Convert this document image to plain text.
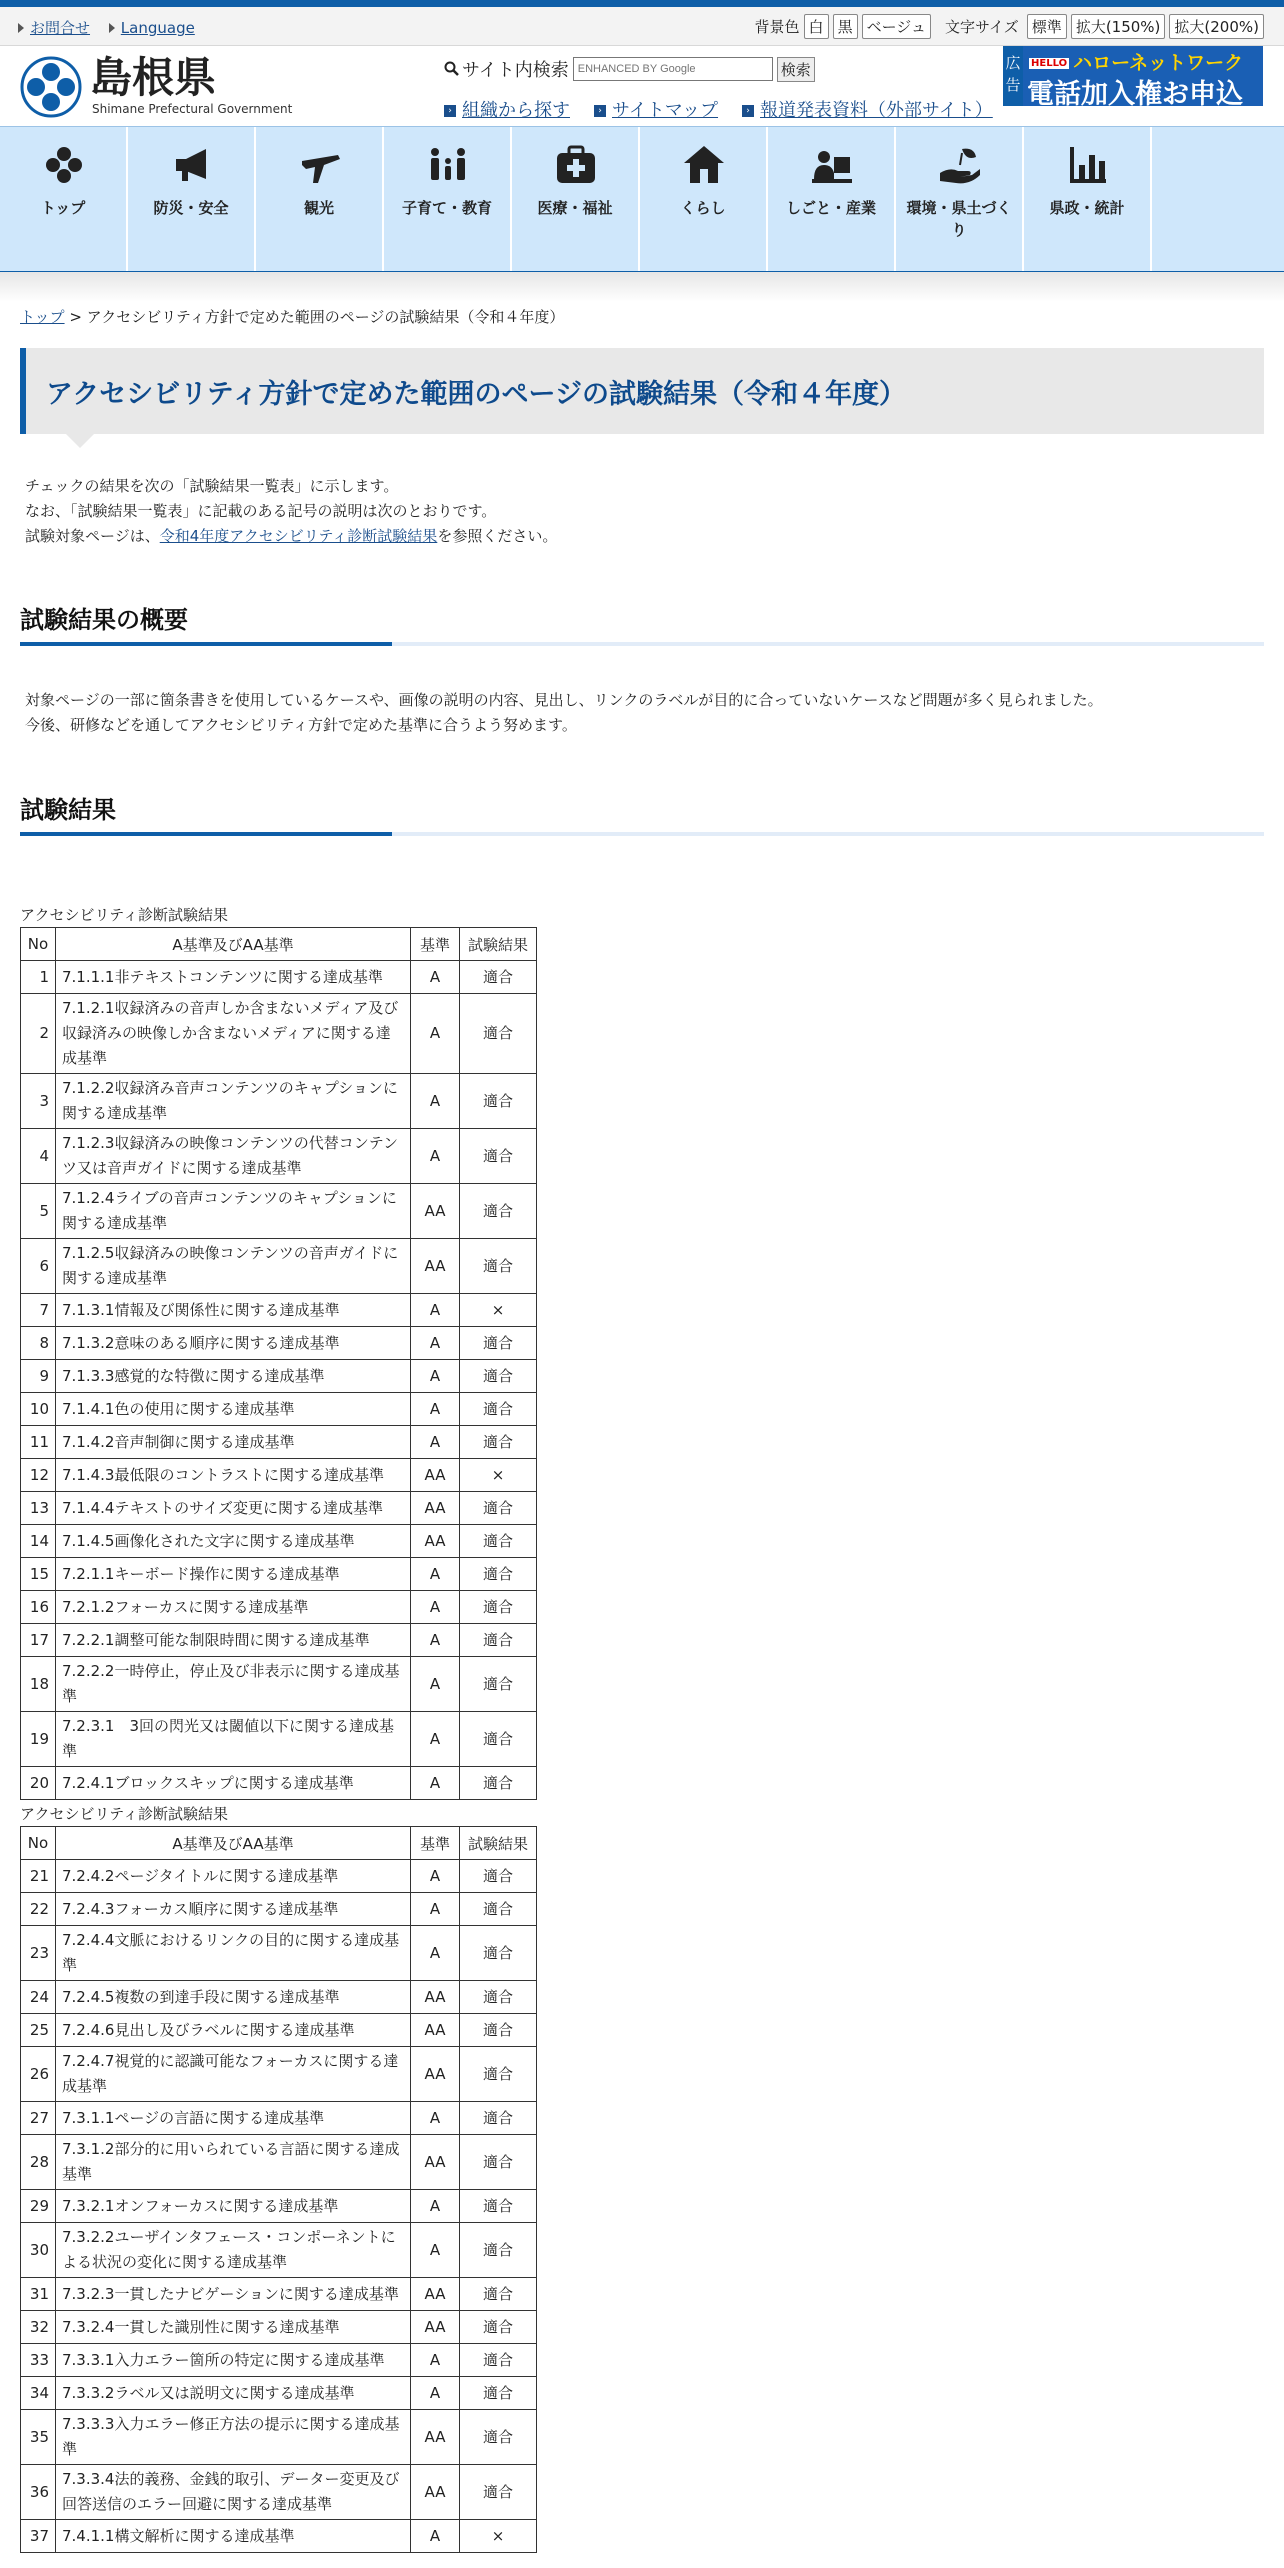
お問合せ Language	背景色 白 黒 ベージュ	文字サイズ 標準 拡大(150%) 拡大(200%)
島根県
Shimane Prefectural Government
サイト内検索
ENHANCED BY Google	検索
› 組織から探す	› サイトマップ	› 報道発表資料（外部サイト）
広告
HELLO ハローネットワーク
電話加入権お申込
トップ	防災・安全	観光	子育て・教育	医療・福祉	くらし	しごと・産業	環境・県土づくり
県政・統計
トップ > アクセシビリティ方針で定めた範囲のページの試験結果（令和４年度）
アクセシビリティ方針で定めた範囲のページの試験結果（令和４年度）
チェックの結果を次の「試験結果一覧表」に示します。
なお、「試験結果一覧表」に記載のある記号の説明は次のとおりです。
試験対象ページは、令和4年度アクセシビリティ診断試験結果を参照ください。
試験結果の概要
対象ページの一部に箇条書きを使用しているケースや、画像の説明の内容、見出し、リンクのラベルが目的に合っていないケースなど問題が多く見られました。
今後、研修などを通してアクセシビリティ方針で定めた基準に合うよう努めます。
試験結果
アクセシビリティ診断試験結果
No	A基準及びAA基準	基準	試験結果
1	7.1.1.1非テキストコンテンツに関する達成基準	A	適合
2	7.1.2.1収録済みの音声しか含まないメディア及び収録済みの映像しか含まないメディアに関する達成基準	A	適合
3	7.1.2.2収録済み音声コンテンツのキャプションに関する達成基準	A	適合
4	7.1.2.3収録済みの映像コンテンツの代替コンテンツ又は音声ガイドに関する達成基準	A	適合
5	7.1.2.4ライブの音声コンテンツのキャプションに関する達成基準	AA	適合
6	7.1.2.5収録済みの映像コンテンツの音声ガイドに関する達成基準	AA	適合
7	7.1.3.1情報及び関係性に関する達成基準	A	×
8	7.1.3.2意味のある順序に関する達成基準	A	適合
9	7.1.3.3感覚的な特徴に関する達成基準	A	適合
10	7.1.4.1色の使用に関する達成基準	A	適合
11	7.1.4.2音声制御に関する達成基準	A	適合
12	7.1.4.3最低限のコントラストに関する達成基準	AA	×
13	7.1.4.4テキストのサイズ変更に関する達成基準	AA	適合
14	7.1.4.5画像化された文字に関する達成基準	AA	適合
15	7.2.1.1キーボード操作に関する達成基準	A	適合
16	7.2.1.2フォーカスに関する達成基準	A	適合
17	7.2.2.1調整可能な制限時間に関する達成基準	A	適合
18	7.2.2.2一時停止，停止及び非表示に関する達成基準	A	適合
19	7.2.3.1　3回の閃光又は閾値以下に関する達成基準	A	適合
20	7.2.4.1ブロックスキップに関する達成基準	A	適合
アクセシビリティ診断試験結果
No	A基準及びAA基準	基準	試験結果
21	7.2.4.2ページタイトルに関する達成基準	A	適合
22	7.2.4.3フォーカス順序に関する達成基準	A	適合
23	7.2.4.4文脈におけるリンクの目的に関する達成基準	A	適合
24	7.2.4.5複数の到達手段に関する達成基準	AA	適合
25	7.2.4.6見出し及びラベルに関する達成基準	AA	適合
26	7.2.4.7視覚的に認識可能なフォーカスに関する達成基準	AA	適合
27	7.3.1.1ページの言語に関する達成基準	A	適合
28	7.3.1.2部分的に用いられている言語に関する達成基準	AA	適合
29	7.3.2.1オンフォーカスに関する達成基準	A	適合
30	7.3.2.2ユーザインタフェース・コンポーネントによる状況の変化に関する達成基準	A	適合
31	7.3.2.3一貫したナビゲーションに関する達成基準	AA	適合
32	7.3.2.4一貫した識別性に関する達成基準	AA	適合
33	7.3.3.1入力エラー箇所の特定に関する達成基準	A	適合
34	7.3.3.2ラベル又は説明文に関する達成基準	A	適合
35	7.3.3.3入力エラー修正方法の提示に関する達成基準	AA	適合
36	7.3.3.4法的義務、金銭的取引、データー変更及び回答送信のエラー回避に関する達成基準	AA	適合
37	7.4.1.1構文解析に関する達成基準	A	×
